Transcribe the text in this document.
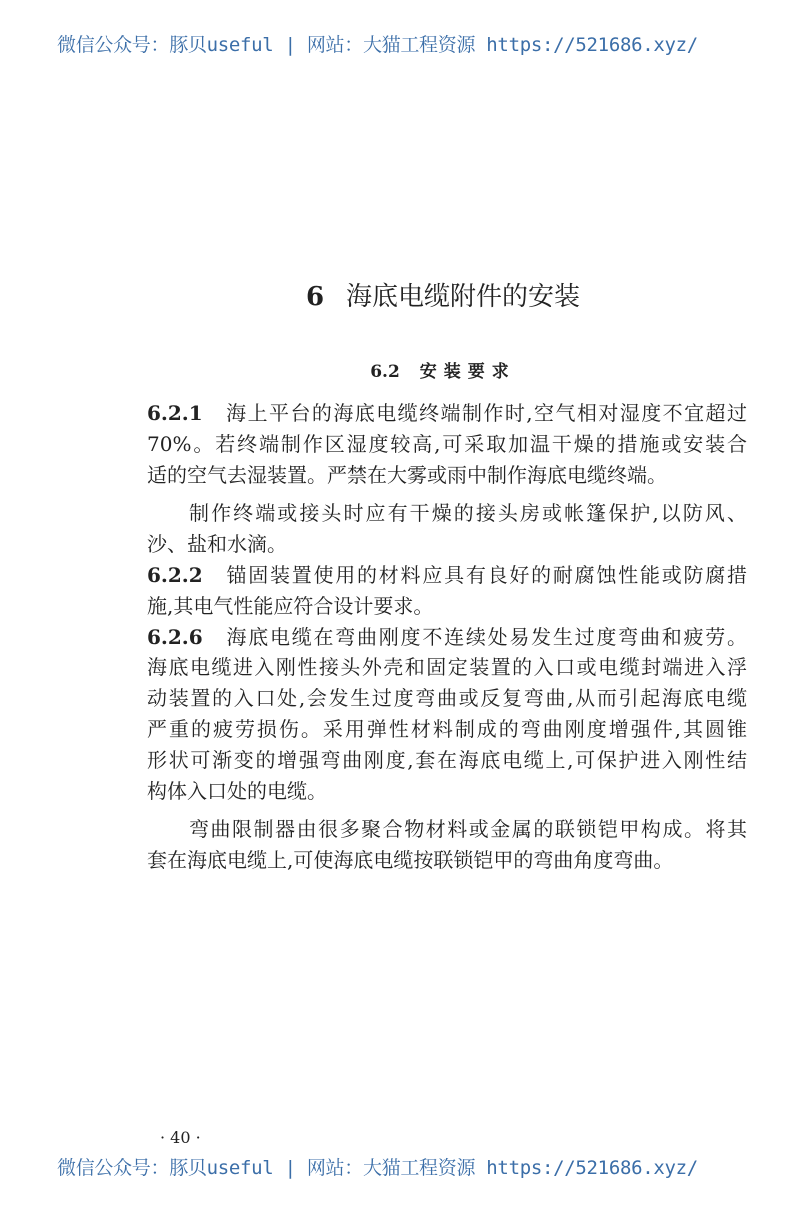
微信公众号：豚贝useful | 网站：大猫工程资源 https://521686.xyz/
6 海底电缆附件的安装
6.2 安装要求
6.2.1 海上平台的海底电缆终端制作时,空气相对湿度不宜超过
70%。若终端制作区湿度较高,可采取加温干燥的措施或安装合
适的空气去湿装置。严禁在大雾或雨中制作海底电缆终端。
制作终端或接头时应有干燥的接头房或帐篷保护,以防风、
沙、盐和水滴。
6.2.2 锚固装置使用的材料应具有良好的耐腐蚀性能或防腐措
施,其电气性能应符合设计要求。
6.2.6 海底电缆在弯曲刚度不连续处易发生过度弯曲和疲劳。
海底电缆进入刚性接头外壳和固定装置的入口或电缆封端进入浮
动装置的入口处,会发生过度弯曲或反复弯曲,从而引起海底电缆
严重的疲劳损伤。采用弹性材料制成的弯曲刚度增强件,其圆锥
形状可渐变的增强弯曲刚度,套在海底电缆上,可保护进入刚性结
构体入口处的电缆。
弯曲限制器由很多聚合物材料或金属的联锁铠甲构成。将其
套在海底电缆上,可使海底电缆按联锁铠甲的弯曲角度弯曲。
· 40 ·
微信公众号：豚贝useful | 网站：大猫工程资源 https://521686.xyz/
